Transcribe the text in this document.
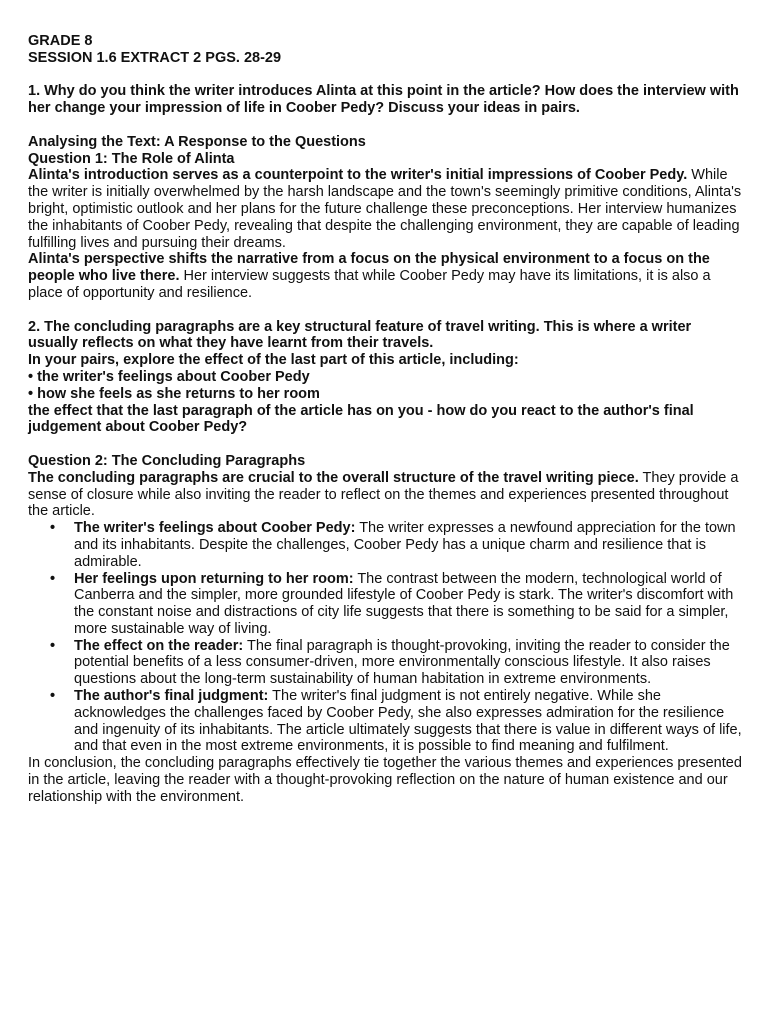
GRADE 8

SESSION 1.6 EXTRACT 2 PGS. 28-29

1. Why do you think the writer introduces Alinta at this point in the article? How does the interview with her change your impression of life in Coober Pedy? Discuss your ideas in pairs.

Analysing the Text: A Response to the Questions

Question 1: The Role of Alinta

Alinta's introduction serves as a counterpoint to the writer's initial impressions of Coober Pedy. While the writer is initially overwhelmed by the harsh landscape and the town's seemingly primitive conditions, Alinta's bright, optimistic outlook and her plans for the future challenge these preconceptions. Her interview humanizes the inhabitants of Coober Pedy, revealing that despite the challenging environment, they are capable of leading fulfilling lives and pursuing their dreams.

Alinta's perspective shifts the narrative from a focus on the physical environment to a focus on the people who live there. Her interview suggests that while Coober Pedy may have its limitations, it is also a place of opportunity and resilience.

2. The concluding paragraphs are a key structural feature of travel writing. This is where a writer usually reflects on what they have learnt from their travels.

In your pairs, explore the effect of the last part of this article, including:

• the writer's feelings about Coober Pedy

• how she feels as she returns to her room

the effect that the last paragraph of the article has on you - how do you react to the author's final judgement about Coober Pedy?

Question 2: The Concluding Paragraphs

The concluding paragraphs are crucial to the overall structure of the travel writing piece. They provide a sense of closure while also inviting the reader to reflect on the themes and experiences presented throughout the article.

• The writer's feelings about Coober Pedy: The writer expresses a newfound appreciation for the town and its inhabitants. Despite the challenges, Coober Pedy has a unique charm and resilience that is admirable.
• Her feelings upon returning to her room: The contrast between the modern, technological world of Canberra and the simpler, more grounded lifestyle of Coober Pedy is stark. The writer's discomfort with the constant noise and distractions of city life suggests that there is something to be said for a simpler, more sustainable way of living.
• The effect on the reader: The final paragraph is thought-provoking, inviting the reader to consider the potential benefits of a less consumer-driven, more environmentally conscious lifestyle. It also raises questions about the long-term sustainability of human habitation in extreme environments.
• The author's final judgment: The writer's final judgment is not entirely negative. While she acknowledges the challenges faced by Coober Pedy, she also expresses admiration for the resilience and ingenuity of its inhabitants. The article ultimately suggests that there is value in different ways of life, and that even in the most extreme environments, it is possible to find meaning and fulfilment.

In conclusion, the concluding paragraphs effectively tie together the various themes and experiences presented in the article, leaving the reader with a thought-provoking reflection on the nature of human existence and our relationship with the environment.
